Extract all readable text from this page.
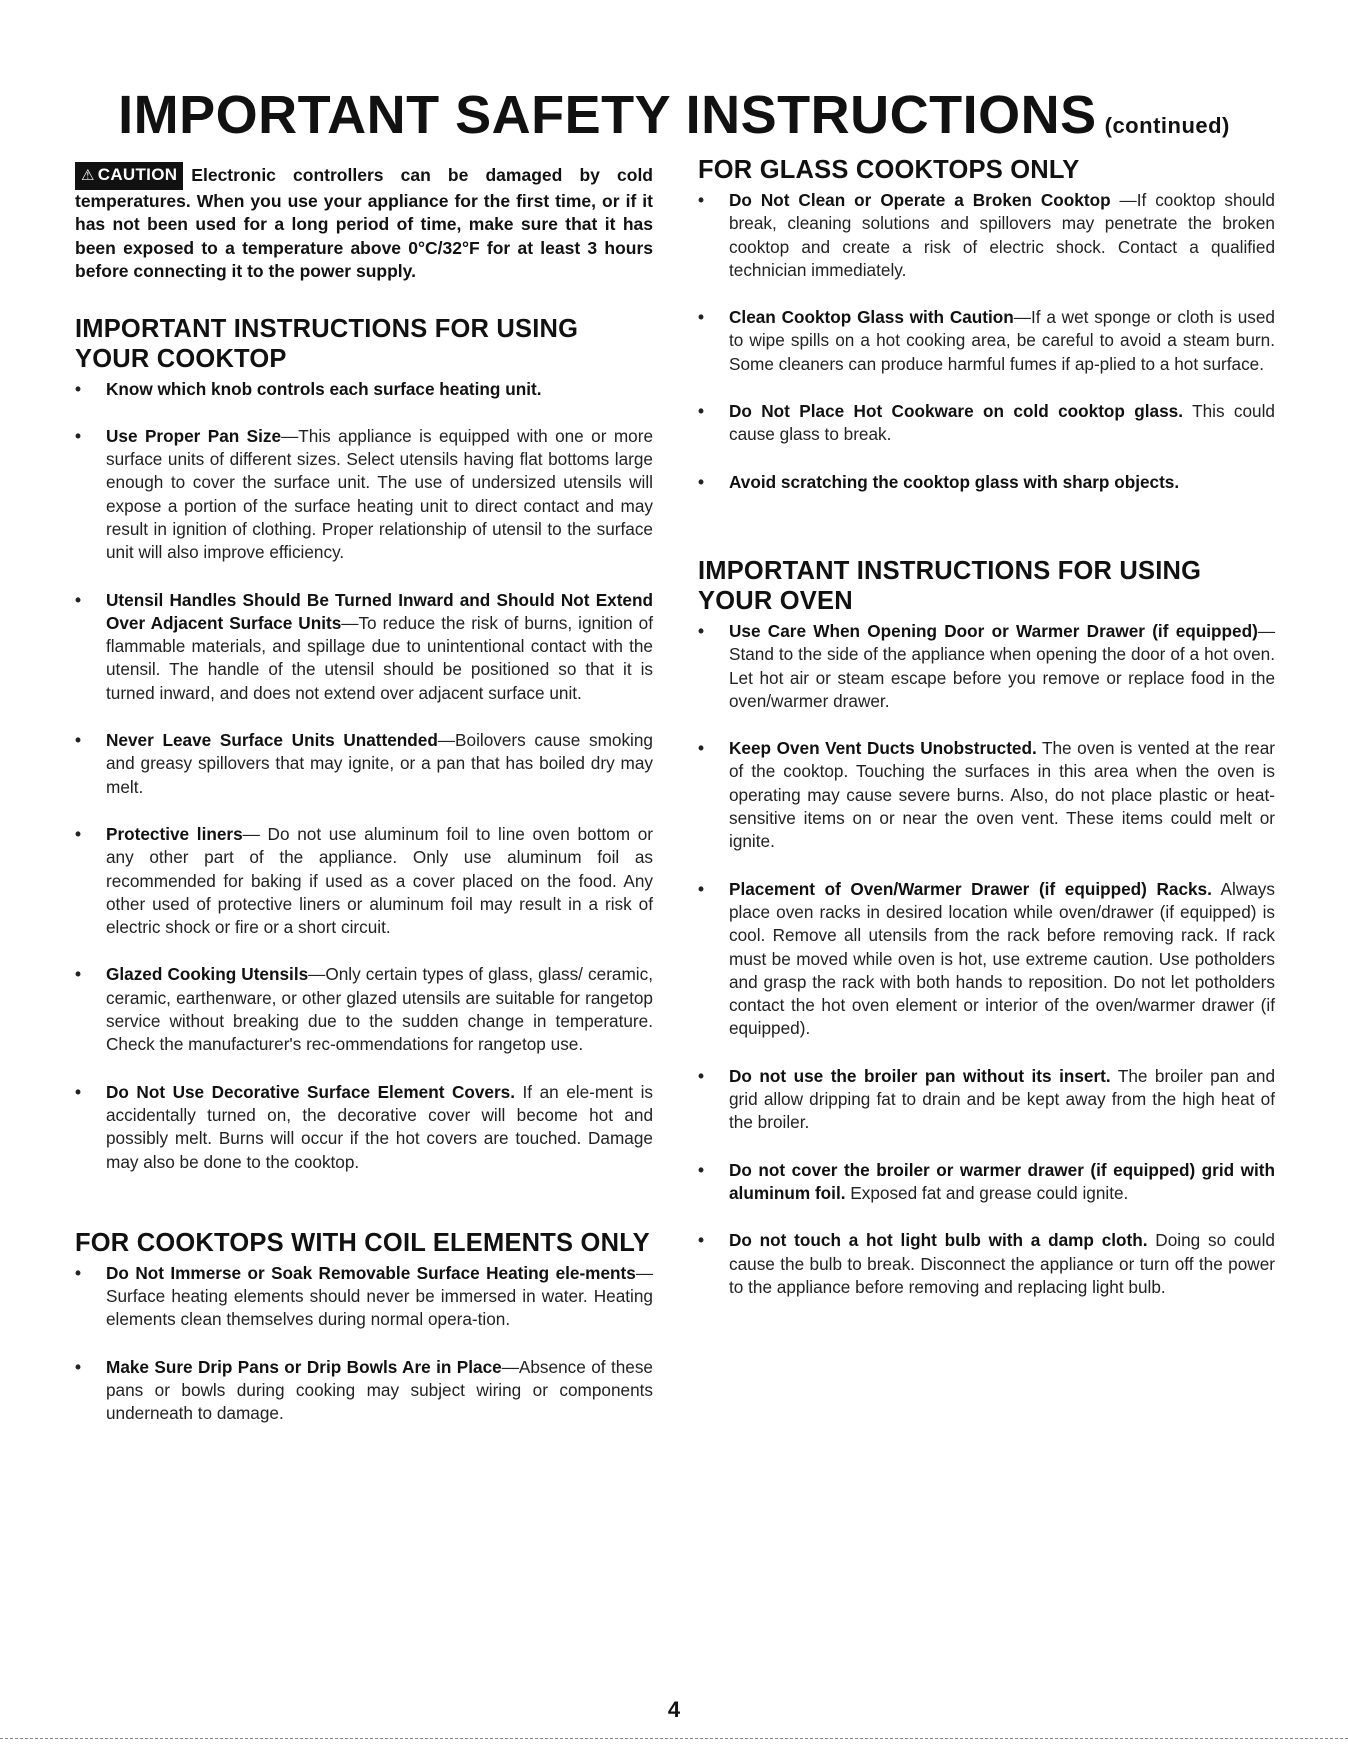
IMPORTANT SAFETY INSTRUCTIONS (continued)
⚠ CAUTION Electronic controllers can be damaged by cold temperatures. When you use your appliance for the first time, or if it has not been used for a long period of time, make sure that it has been exposed to a temperature above 0°C/32°F for at least 3 hours before connecting it to the power supply.
IMPORTANT INSTRUCTIONS FOR USING YOUR COOKTOP
• Know which knob controls each surface heating unit.
• Use Proper Pan Size—This appliance is equipped with one or more surface units of different sizes. Select utensils having flat bottoms large enough to cover the surface unit. The use of undersized utensils will expose a portion of the surface heating unit to direct contact and may result in ignition of clothing. Proper relationship of utensil to the surface unit will also improve efficiency.
• Utensil Handles Should Be Turned Inward and Should Not Extend Over Adjacent Surface Units—To reduce the risk of burns, ignition of flammable materials, and spillage due to unintentional contact with the utensil. The handle of the utensil should be positioned so that it is turned inward, and does not extend over adjacent surface unit.
• Never Leave Surface Units Unattended—Boilovers cause smoking and greasy spillovers that may ignite, or a pan that has boiled dry may melt.
• Protective liners— Do not use aluminum foil to line oven bottom or any other part of the appliance. Only use aluminum foil as recommended for baking if used as a cover placed on the food. Any other used of protective liners or aluminum foil may result in a risk of electric shock or fire or a short circuit.
• Glazed Cooking Utensils—Only certain types of glass, glass/ ceramic, ceramic, earthenware, or other glazed utensils are suitable for rangetop service without breaking due to the sudden change in temperature. Check the manufacturer's rec-ommendations for rangetop use.
• Do Not Use Decorative Surface Element Covers. If an ele-ment is accidentally turned on, the decorative cover will become hot and possibly melt. Burns will occur if the hot covers are touched. Damage may also be done to the cooktop.
FOR COOKTOPS WITH COIL ELEMENTS ONLY
• Do Not Immerse or Soak Removable Surface Heating ele-ments— Surface heating elements should never be immersed in water. Heating elements clean themselves during normal opera-tion.
• Make Sure Drip Pans or Drip Bowls Are in Place—Absence of these pans or bowls during cooking may subject wiring or components underneath to damage.
FOR GLASS COOKTOPS ONLY
• Do Not Clean or Operate a Broken Cooktop —If cooktop should break, cleaning solutions and spillovers may penetrate the broken cooktop and create a risk of electric shock. Contact a qualified technician immediately.
• Clean Cooktop Glass with Caution—If a wet sponge or cloth is used to wipe spills on a hot cooking area, be careful to avoid a steam burn. Some cleaners can produce harmful fumes if ap-plied to a hot surface.
• Do Not Place Hot Cookware on cold cooktop glass. This could cause glass to break.
• Avoid scratching the cooktop glass with sharp objects.
IMPORTANT INSTRUCTIONS FOR USING YOUR OVEN
• Use Care When Opening Door or Warmer Drawer (if equipped)—Stand to the side of the appliance when opening the door of a hot oven. Let hot air or steam escape before you remove or replace food in the oven/warmer drawer.
• Keep Oven Vent Ducts Unobstructed. The oven is vented at the rear of the cooktop. Touching the surfaces in this area when the oven is operating may cause severe burns. Also, do not place plastic or heat-sensitive items on or near the oven vent. These items could melt or ignite.
• Placement of Oven/Warmer Drawer (if equipped) Racks. Always place oven racks in desired location while oven/drawer (if equipped) is cool. Remove all utensils from the rack before removing rack. If rack must be moved while oven is hot, use extreme caution. Use potholders and grasp the rack with both hands to reposition. Do not let potholders contact the hot oven element or interior of the oven/warmer drawer (if equipped).
• Do not use the broiler pan without its insert. The broiler pan and grid allow dripping fat to drain and be kept away from the high heat of the broiler.
• Do not cover the broiler or warmer drawer (if equipped) grid with aluminum foil. Exposed fat and grease could ignite.
• Do not touch a hot light bulb with a damp cloth. Doing so could cause the bulb to break. Disconnect the appliance or turn off the power to the appliance before removing and replacing light bulb.
4
